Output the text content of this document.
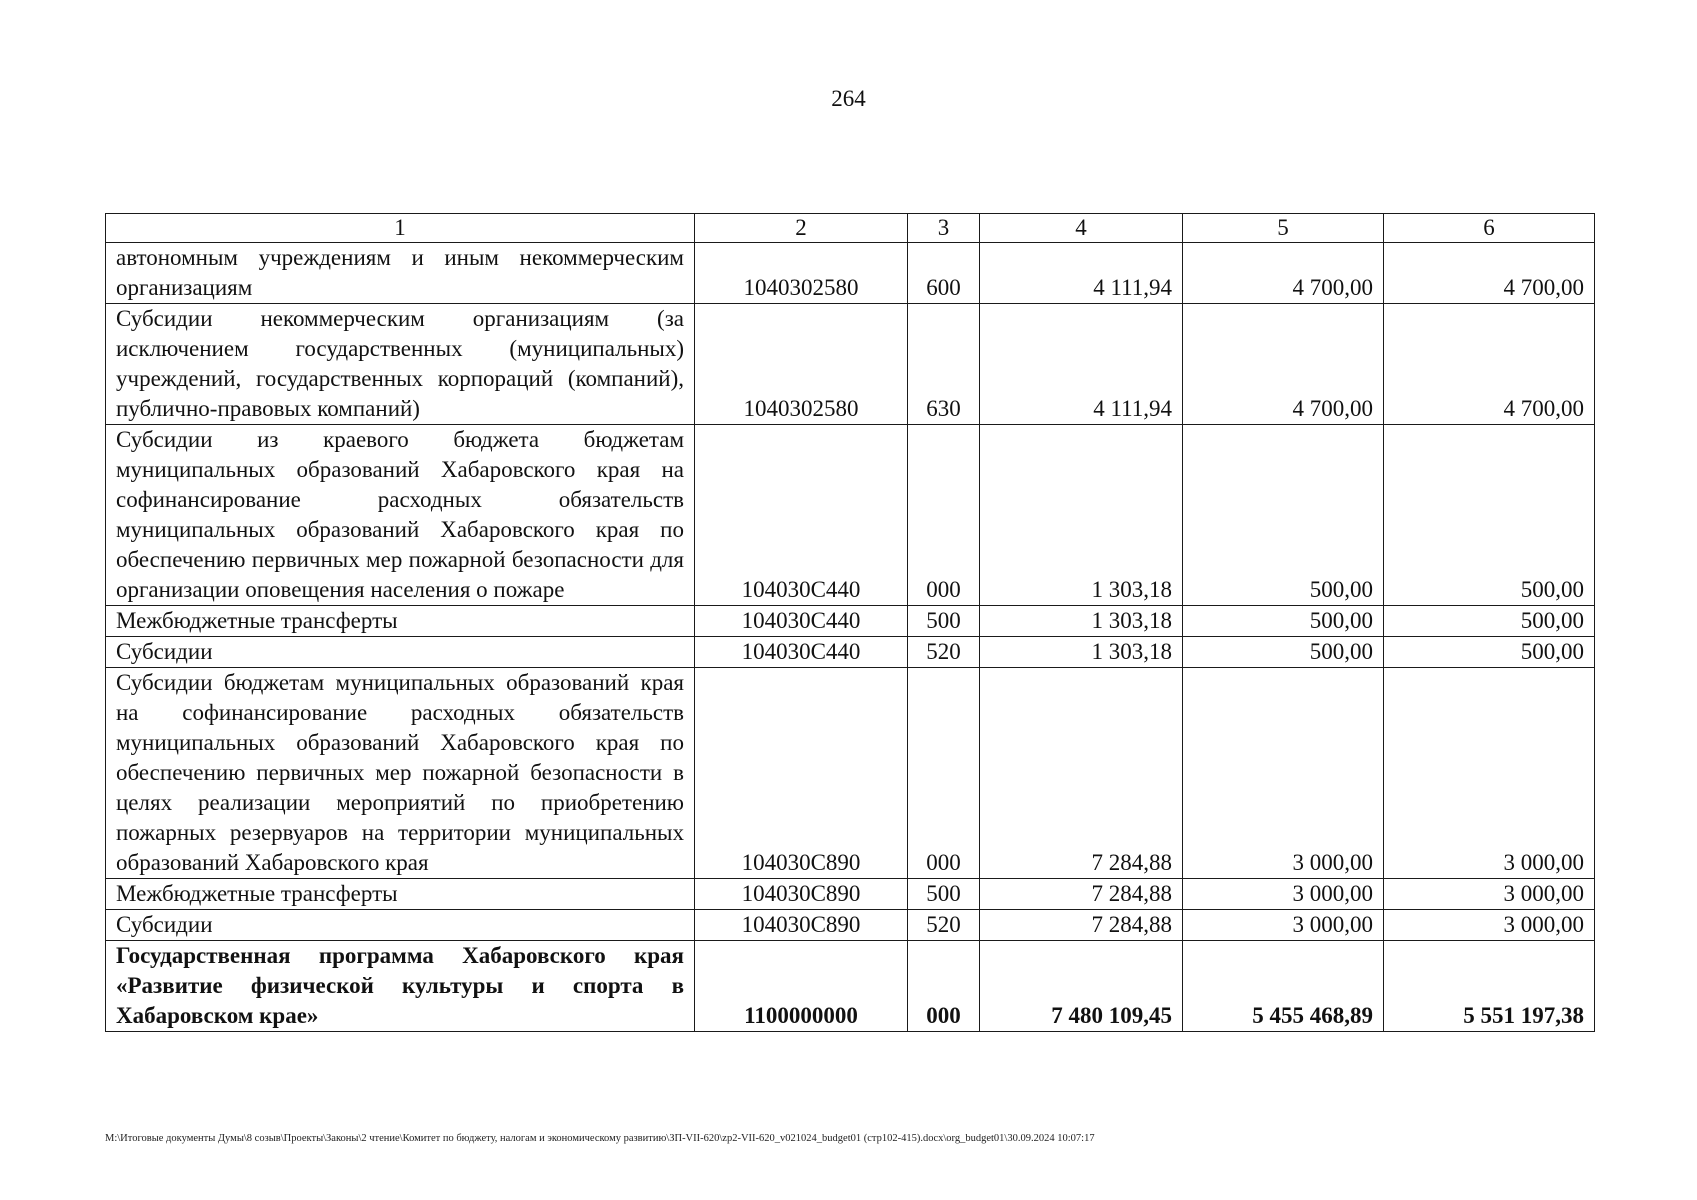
264
1	2	3	4	5	6
автономным учреждениям и иным некоммерческим организациям	1040302580	600	4 111,94	4 700,00	4 700,00
Субсидии некоммерческим организациям (за исключением государственных (муниципальных) учреждений, государственных корпораций (компаний), публично-правовых компаний)	1040302580	630	4 111,94	4 700,00	4 700,00
Субсидии из краевого бюджета бюджетам муниципальных образований Хабаровского края на софинансирование расходных обязательств муниципальных образований Хабаровского края по обеспечению первичных мер пожарной безопасности для организации оповещения населения о пожаре	104030С440	000	1 303,18	500,00	500,00
Межбюджетные трансферты	104030С440	500	1 303,18	500,00	500,00
Субсидии	104030С440	520	1 303,18	500,00	500,00
Субсидии бюджетам муниципальных образований края на софинансирование расходных обязательств муниципальных образований Хабаровского края по обеспечению первичных мер пожарной безопасности в целях реализации мероприятий по приобретению пожарных резервуаров на территории муниципальных образований Хабаровского края	104030С890	000	7 284,88	3 000,00	3 000,00
Межбюджетные трансферты	104030С890	500	7 284,88	3 000,00	3 000,00
Субсидии	104030С890	520	7 284,88	3 000,00	3 000,00
Государственная программа Хабаровского края «Развитие физической культуры и спорта в Хабаровском крае»	1100000000	000	7 480 109,45	5 455 468,89	5 551 197,38
M:\Итоговые документы Думы\8 созыв\Проекты\Законы\2 чтение\Комитет по бюджету, налогам и экономическому развитию\ЗП-VII-620\zp2-VII-620_v021024_budget01 (стр102-415).docx\org_budget01\30.09.2024 10:07:17
